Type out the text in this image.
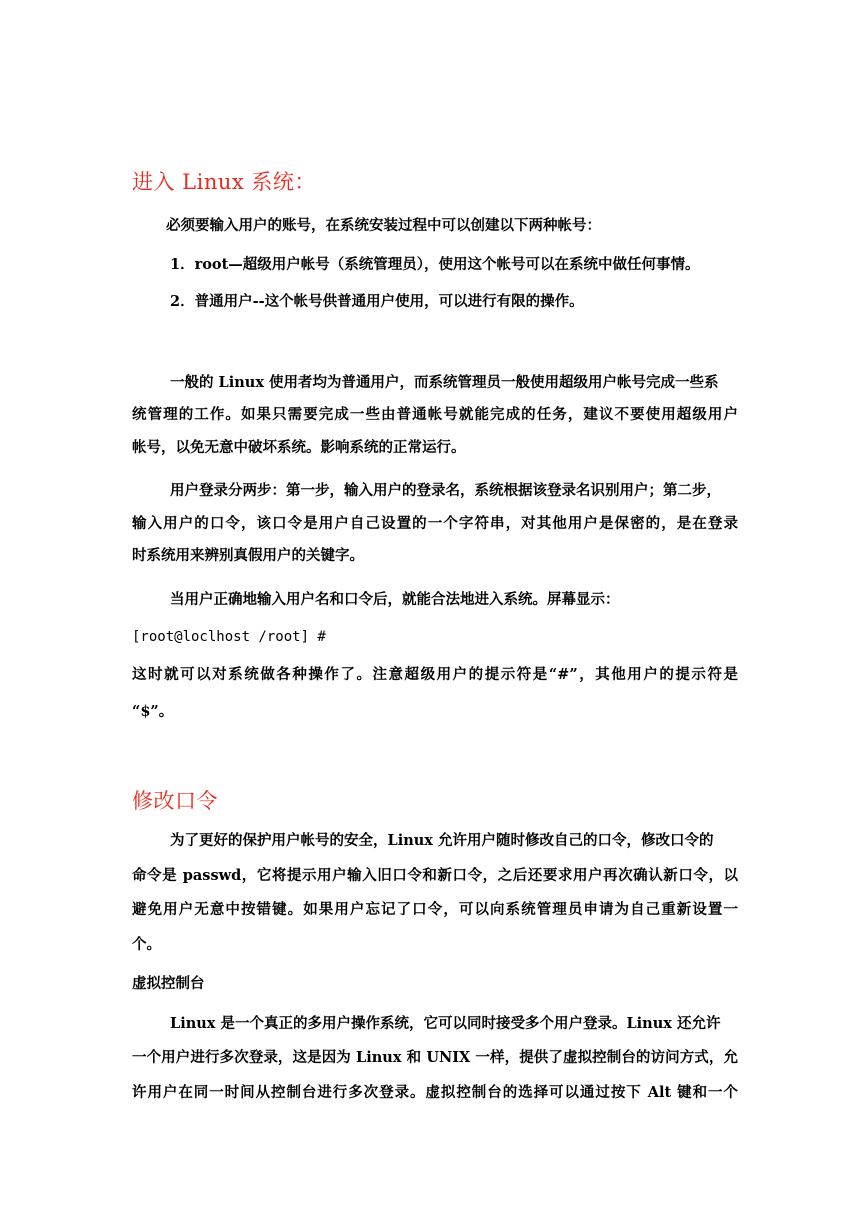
进入 Linux 系统：

必须要输入用户的账号，在系统安装过程中可以创建以下两种帐号：

1．root—超级用户帐号（系统管理员），使用这个帐号可以在系统中做任何事情。

2．普通用户--这个帐号供普通用户使用，可以进行有限的操作。

一般的 Linux 使用者均为普通用户，而系统管理员一般使用超级用户帐号完成一些系

统管理的工作。如果只需要完成一些由普通帐号就能完成的任务，建议不要使用超级用户

帐号，以免无意中破坏系统。影响系统的正常运行。

用户登录分两步：第一步，输入用户的登录名，系统根据该登录名识别用户；第二步，

输入用户的口令，该口令是用户自己设置的一个字符串，对其他用户是保密的，是在登录

时系统用来辨别真假用户的关键字。

当用户正确地输入用户名和口令后，就能合法地进入系统。屏幕显示：

[root@loclhost /root] #

这时就可以对系统做各种操作了。注意超级用户的提示符是“#”，其他用户的提示符是

“$”。

修改口令

为了更好的保护用户帐号的安全，Linux 允许用户随时修改自己的口令，修改口令的

命令是 passwd，它将提示用户输入旧口令和新口令，之后还要求用户再次确认新口令，以

避免用户无意中按错键。如果用户忘记了口令，可以向系统管理员申请为自己重新设置一

个。

虚拟控制台

Linux 是一个真正的多用户操作系统，它可以同时接受多个用户登录。Linux 还允许

一个用户进行多次登录，这是因为 Linux 和 UNIX 一样，提供了虚拟控制台的访问方式，允

许用户在同一时间从控制台进行多次登录。虚拟控制台的选择可以通过按下 Alt 键和一个
